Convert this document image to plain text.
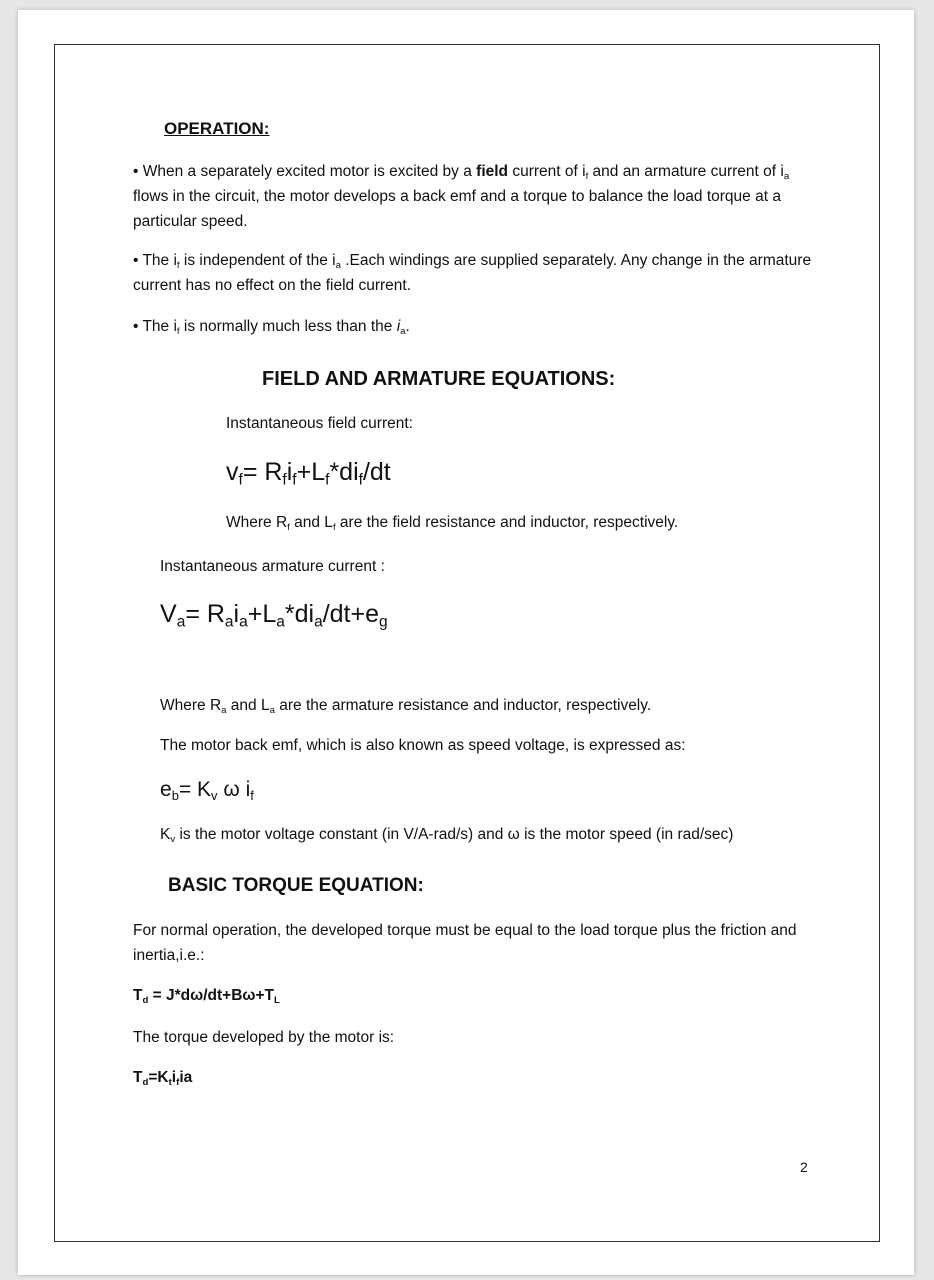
OPERATION:
• When a separately excited motor is excited by a field current of $i_f$ and an armature current of $i_a$ flows in the circuit, the motor develops a back emf and a torque to balance the load torque at a particular speed.
• The $i_f$ is independent of the $i_a$ .Each windings are supplied separately. Any change in the armature current has no effect on the field current.
• The $i_f$ is normally much less than the $i_a$.
FIELD AND ARMATURE EQUATIONS:
Instantaneous field current:
$v_f= R_fi_f+L_f*di_f/dt$
Where $R_f$ and $L_f$ are the field resistance and inductor, respectively.
Instantaneous armature current :
$V_a= R_ai_a+L_a*di_a/dt+e_g$
Where $R_a$ and $L_a$ are the armature resistance and inductor, respectively.
The motor back emf, which is also known as speed voltage, is expressed as:
$e_b= K_v$ ω $i_f$
$K_v$ is the motor voltage constant (in V/A-rad/s) and ω is the motor speed (in rad/sec)
BASIC TORQUE EQUATION:
For normal operation, the developed torque must be equal to the load torque plus the friction and inertia,i.e.:
$T_d = J*d\omega/dt+B\omega+T_L$
The torque developed by the motor is:
$T_d=K_ti_fia$
2
